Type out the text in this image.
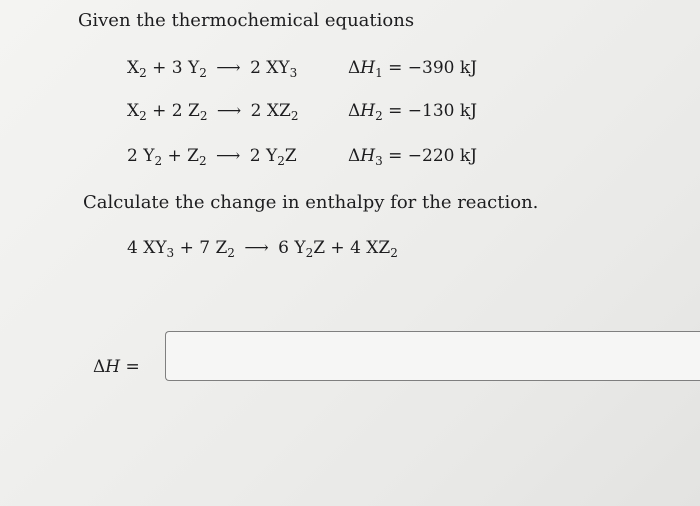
Given the thermochemical equations
$X_2 + 3$ $Y_2$ ⟶ 2 $XY_3$	$\Delta H_1 = -390$ kJ
$X_2 + 2$ $Z_2$ ⟶ 2 $XZ_2$	$\Delta H_2 = -130$ kJ
2 $Y_2 + Z_2$ ⟶ 2 $Y_2Z$	$\Delta H_3 = -220$ kJ
Calculate the change in enthalpy for the reaction.
4 $XY_3 + 7$ $Z_2$ ⟶ 6 $Y_2Z + 4$ $XZ_2$
ΔH =
